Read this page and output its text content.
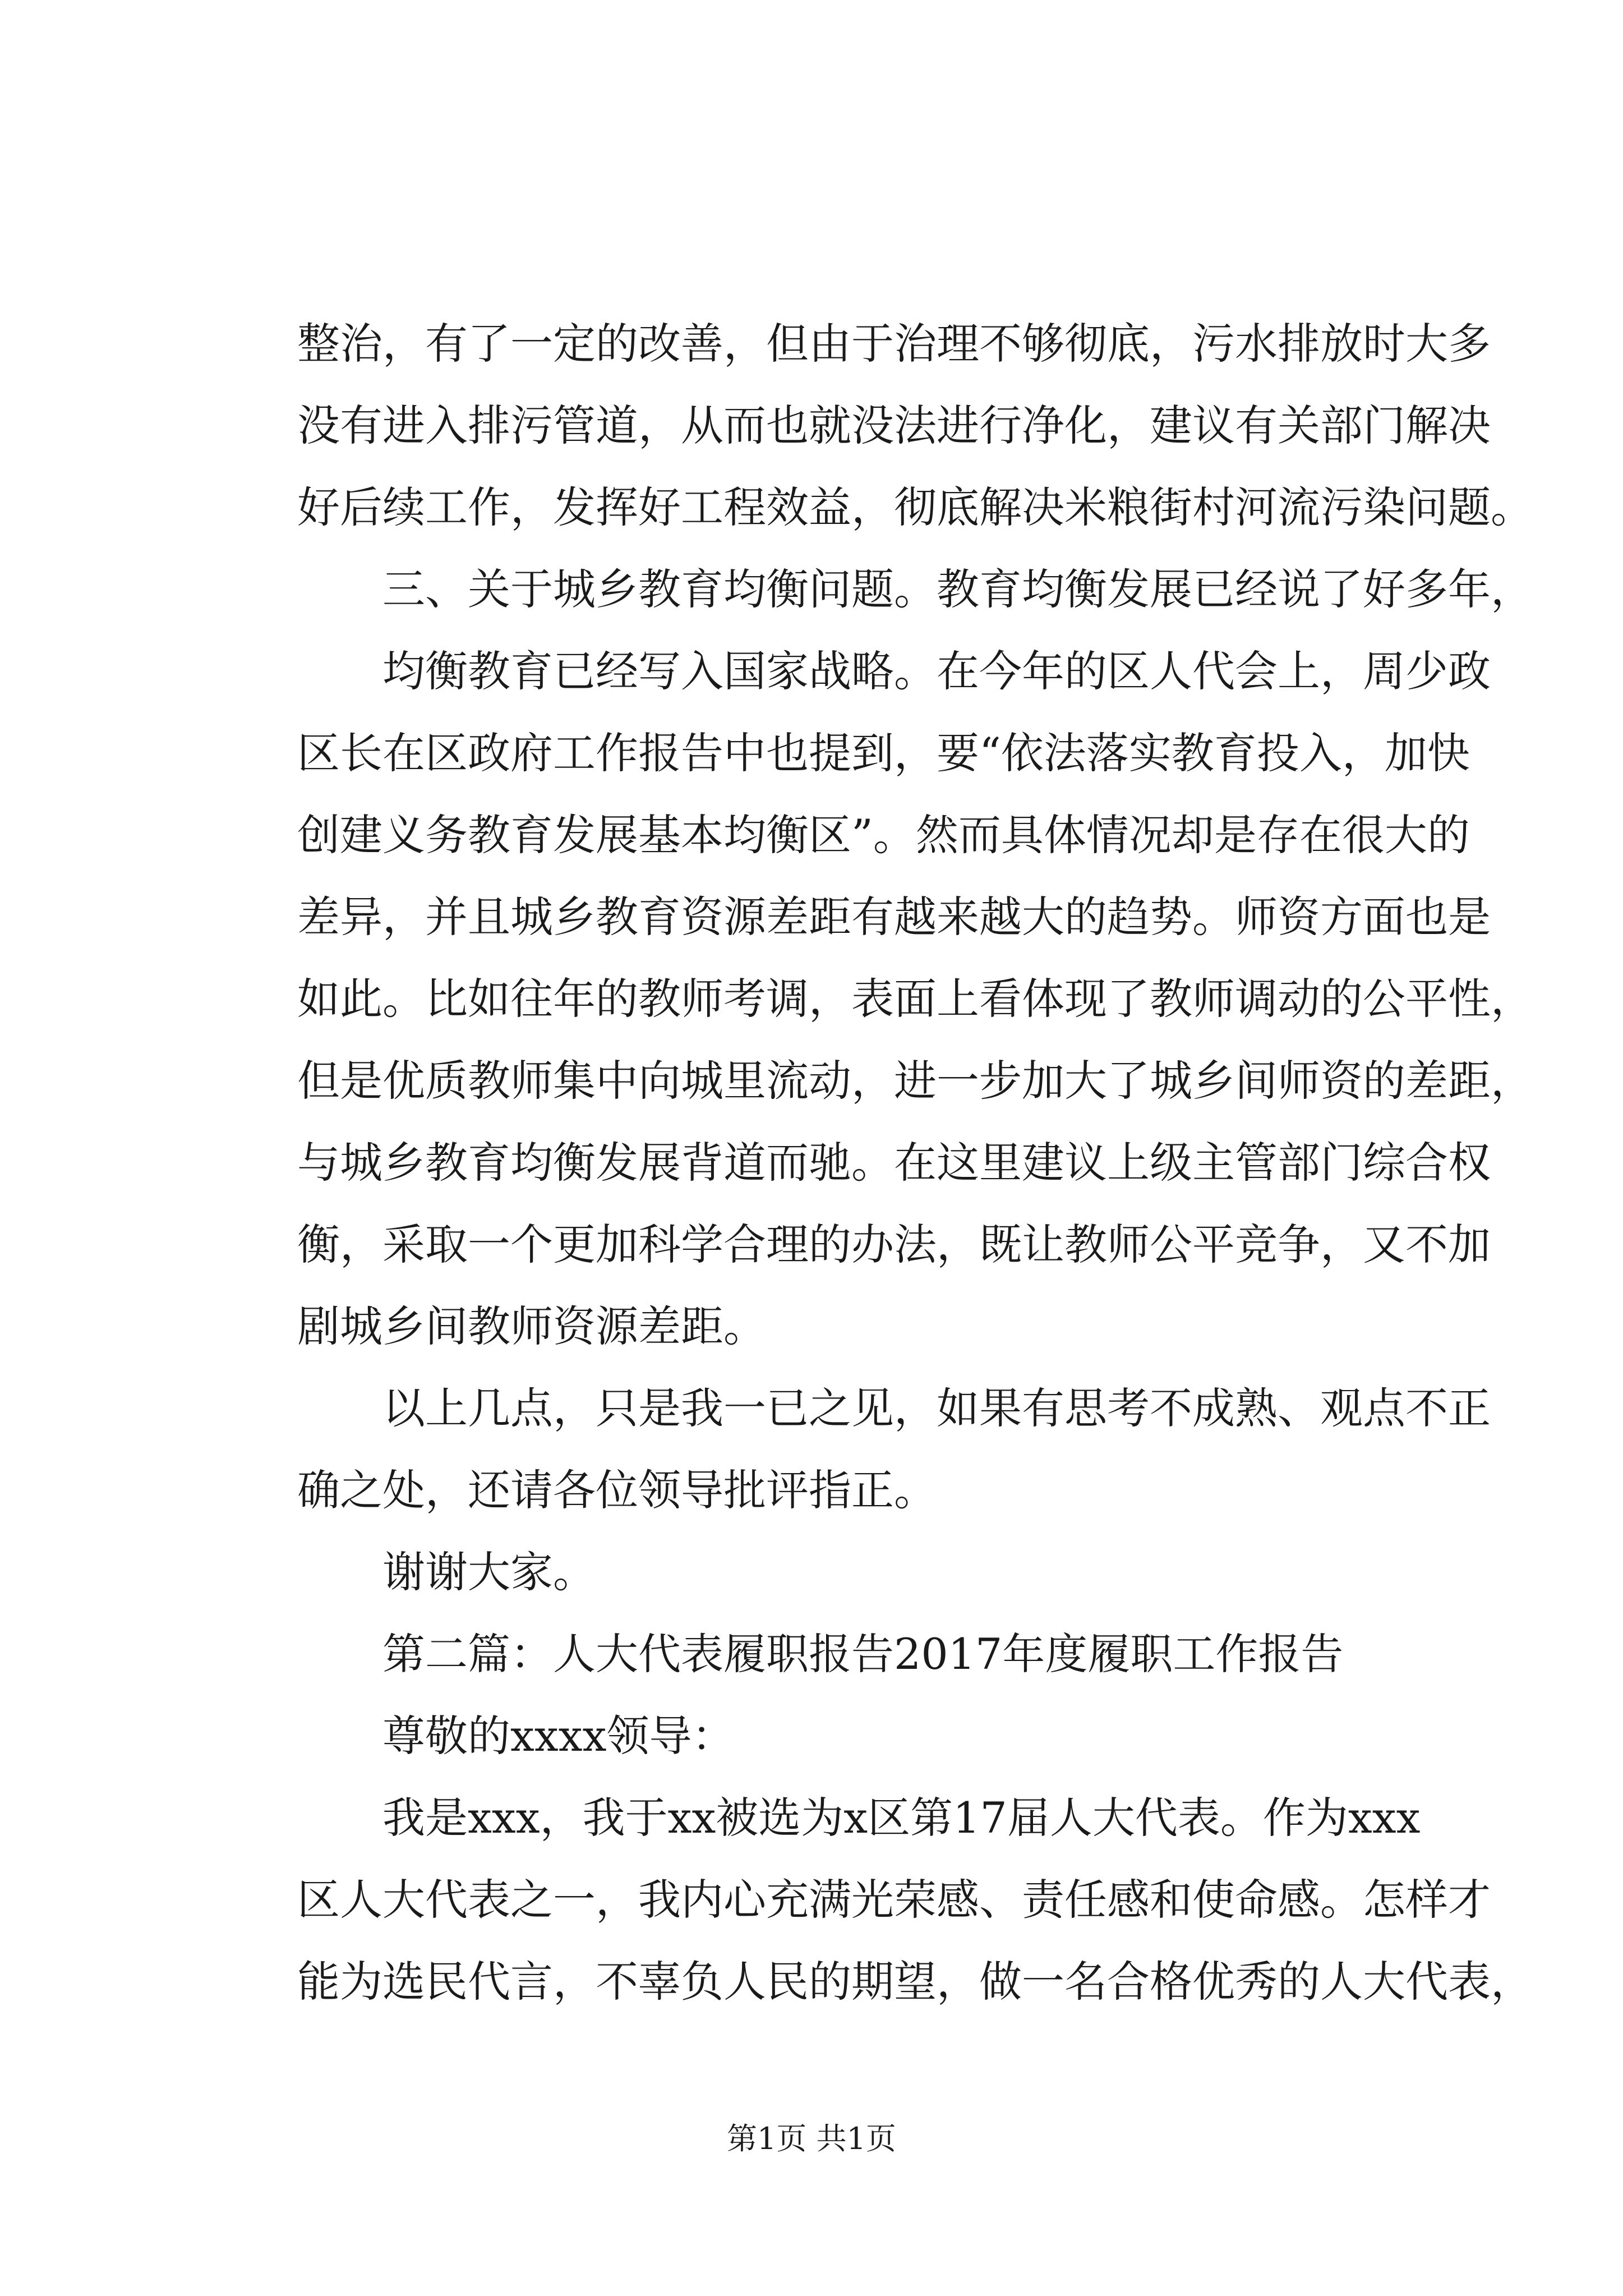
整治，有了一定的改善，但由于治理不够彻底，污水排放时大多
没有进入排污管道，从而也就没法进行净化，建议有关部门解决
好后续工作，发挥好工程效益，彻底解决米粮街村河流污染问题。
三、关于城乡教育均衡问题。教育均衡发展已经说了好多年，
均衡教育已经写入国家战略。在今年的区人代会上，周少政
区长在区政府工作报告中也提到，要“依法落实教育投入，加快
创建义务教育发展基本均衡区”。然而具体情况却是存在很大的
差异，并且城乡教育资源差距有越来越大的趋势。师资方面也是
如此。比如往年的教师考调，表面上看体现了教师调动的公平性，
但是优质教师集中向城里流动，进一步加大了城乡间师资的差距，
与城乡教育均衡发展背道而驰。在这里建议上级主管部门综合权
衡，采取一个更加科学合理的办法，既让教师公平竞争，又不加
剧城乡间教师资源差距。
以上几点，只是我一已之见，如果有思考不成熟、观点不正
确之处，还请各位领导批评指正。
谢谢大家。
第二篇：人大代表履职报告2017年度履职工作报告
尊敬的xxxx领导：
我是xxx，我于xx被选为x区第17届人大代表。作为xxx
区人大代表之一，我内心充满光荣感、责任感和使命感。怎样才
能为选民代言，不辜负人民的期望，做一名合格优秀的人大代表，
第1页 共1页
